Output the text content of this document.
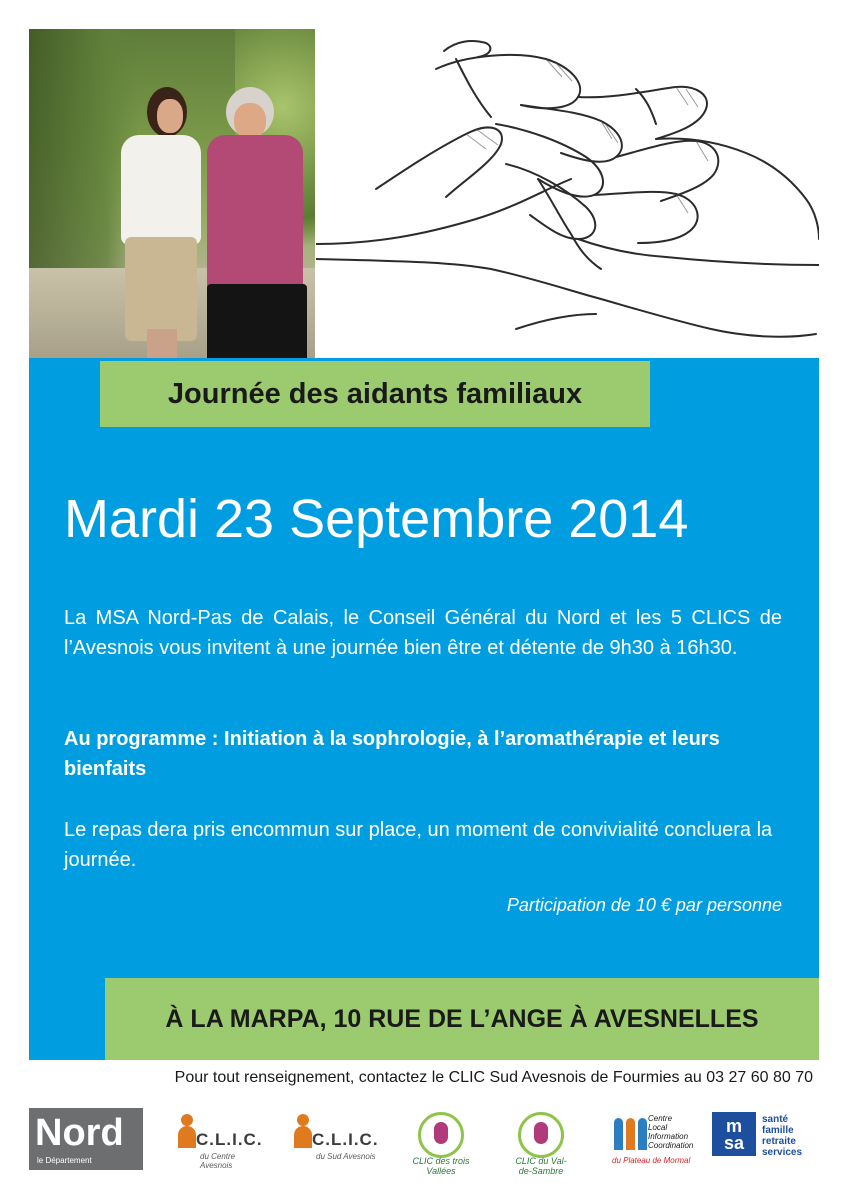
Journée des aidants familiaux
Mardi 23 Septembre 2014
La MSA Nord-Pas de Calais, le Conseil Général du Nord et les 5 CLICS de l’Avesnois vous invitent à une journée bien être et détente de 9h30 à 16h30.
Au programme : Initiation à la sophrologie, à l’aromathérapie et leurs bienfaits
Le repas dera pris encommun sur place, un moment de convivialité concluera la journée.
Participation de 10 € par personne
À LA MARPA, 10 RUE DE L’ANGE À AVESNELLES
Pour tout renseignement, contactez le CLIC Sud Avesnois de Fourmies au 03 27 60 80 70
Nord
le Département
C.L.I.C.
du Centre Avesnois
C.L.I.C.
du Sud Avesnois	CLIC des trois Vallées
CLIC du Val-de-Sambre
Centre
Local
Information
Coordination
du Plateau de Mormal
m
sa
santé
famille
retraite
services
